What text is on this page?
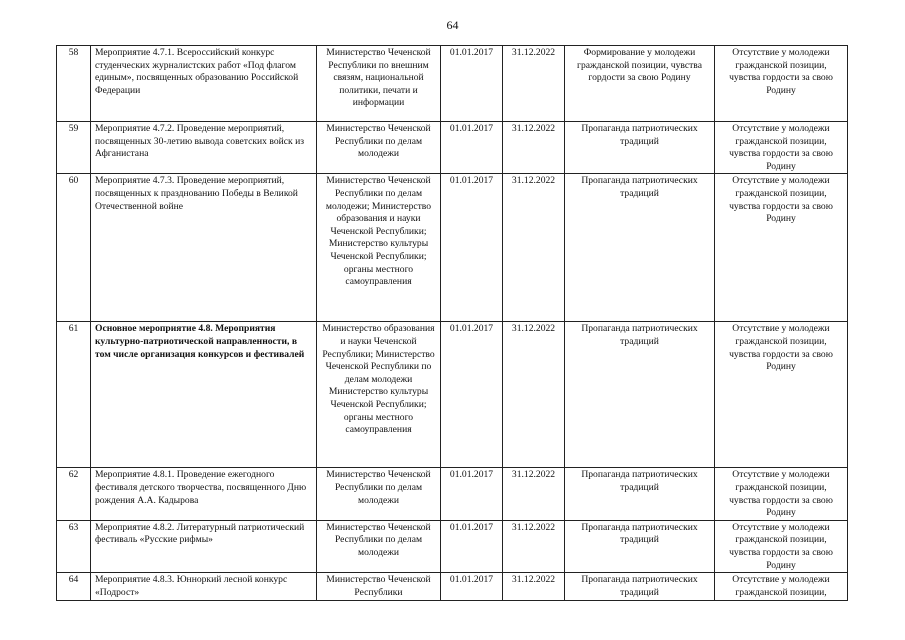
64
58	Мероприятие 4.7.1. Всероссийский конкурс студенческих журналистских работ «Под флагом единым», посвященных образованию Российской Федерации	Министерство Чеченской Республики по внешним связям, национальной политики, печати и информации	01.01.2017	31.12.2022	Формирование у молодежи гражданской позиции, чувства гордости за свою Родину	Отсутствие у молодежи гражданской позиции, чувства гордости за свою Родину
59	Мероприятие 4.7.2. Проведение мероприятий, посвященных 30-летию вывода советских войск из Афганистана	Министерство Чеченской Республики по делам молодежи	01.01.2017	31.12.2022	Пропаганда патриотических традиций	Отсутствие у молодежи гражданской позиции, чувства гордости за свою Родину
60	Мероприятие 4.7.3. Проведение мероприятий, посвященных к празднованию Победы в Великой Отечественной войне	Министерство Чеченской Республики по делам молодежи; Министерство образования и науки Чеченской Республики; Министерство культуры Чеченской Республики; органы местного самоуправления	01.01.2017	31.12.2022	Пропаганда патриотических традиций	Отсутствие у молодежи гражданской позиции, чувства гордости за свою Родину
61	Основное мероприятие 4.8. Мероприятия культурно-патриотической направленности, в том числе организация конкурсов и фестивалей	Министерство образования и науки Чеченской Республики; Министерство Чеченской Республики по делам молодежи Министерство культуры Чеченской Республики; органы местного самоуправления	01.01.2017	31.12.2022	Пропаганда патриотических традиций	Отсутствие у молодежи гражданской позиции, чувства гордости за свою Родину
62	Мероприятие 4.8.1. Проведение ежегодного фестиваля детского творчества, посвященного Дню рождения А.А. Кадырова	Министерство Чеченской Республики по делам молодежи	01.01.2017	31.12.2022	Пропаганда патриотических традиций	Отсутствие у молодежи гражданской позиции, чувства гордости за свою Родину
63	Мероприятие 4.8.2. Литературный патриотический фестиваль «Русские рифмы»	Министерство Чеченской Республики по делам молодежи	01.01.2017	31.12.2022	Пропаганда патриотических традиций	Отсутствие у молодежи гражданской позиции, чувства гордости за свою Родину
64	Мероприятие 4.8.3. Юнноркий лесной конкурс «Подрост»	Министерство Чеченской Республики	01.01.2017	31.12.2022	Пропаганда патриотических традиций	Отсутствие у молодежи гражданской позиции,
